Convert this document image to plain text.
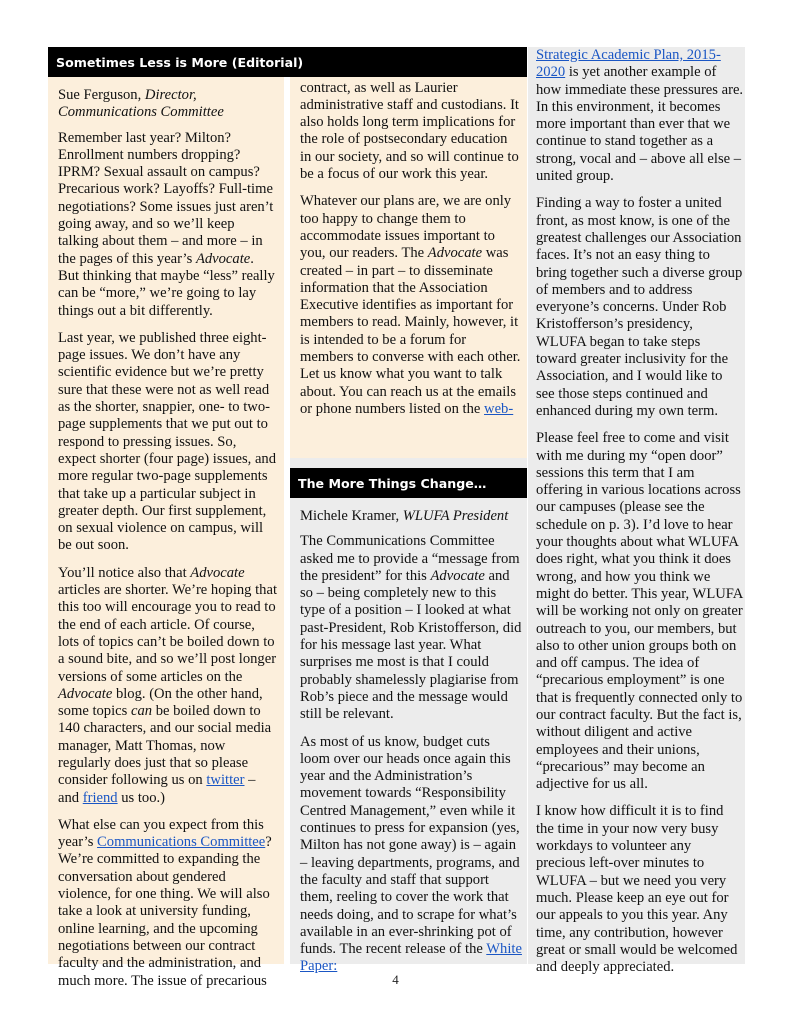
Sue Ferguson, Director,
Communications Committee

Remember last year? Milton? Enrollment numbers dropping? IPRM? Sexual assault on campus? Precarious work? Layoffs? Full-time negotiations? Some issues just aren’t going away, and so we’ll keep talking about them – and more – in the pages of this year’s Advocate. But thinking that maybe “less” really can be “more,” we’re going to lay things out a bit differently.

Last year, we published three eight-page issues. We don’t have any scientific evidence but we’re pretty sure that these were not as well read as the shorter, snappier, one- to two-page supplements that we put out to respond to pressing issues. So, expect shorter (four page) issues, and more regular two-page supplements that take up a particular subject in greater depth. Our first supplement, on sexual violence on campus, will be out soon.

You’ll notice also that Advocate articles are shorter. We’re hoping that this too will encourage you to read to the end of each article. Of course, lots of topics can’t be boiled down to a sound bite, and so we’ll post longer versions of some articles on the Advocate blog. (On the other hand, some topics can be boiled down to 140 characters, and our social media manager, Matt Thomas, now regularly does just that so please consider following us on twitter – and friend us too.)

What else can you expect from this year’s Communications Committee? We’re committed to expanding the conversation about gendered violence, for one thing. We will also take a look at university funding, online learning, and the upcoming negotiations between our contract faculty and the administration, and much more. The issue of precarious

contract, as well as Laurier administrative staff and custodians. It also holds long term implications for the role of postsecondary education in our society, and so will continue to be a focus of our work this year.

Whatever our plans are, we are only too happy to change them to accommodate issues important to you, our readers. The Advocate was created – in part – to disseminate information that the Association Executive identifies as important for members to read. Mainly, however, it is intended to be a forum for members to converse with each other. Let us know what you want to talk about. You can reach us at the emails or phone numbers listed on the web-

The More Things Change…

Michele Kramer, WLUFA President

The Communications Committee asked me to provide a “message from the president” for this Advocate and so – being completely new to this type of a position – I looked at what past-President, Rob Kristofferson, did for his message last year. What surprises me most is that I could probably shamelessly plagiarise from Rob’s piece and the message would still be relevant.

As most of us know, budget cuts loom over our heads once again this year and the Administration’s movement towards “Responsibility Centred Management,” even while it continues to press for expansion (yes, Milton has not gone away) is – again – leaving departments, programs, and the faculty and staff that support them, reeling to cover the work that needs doing, and to scrape for what’s available in an ever-shrinking pot of funds. The recent release of the White Paper:

Strategic Academic Plan, 2015-2020 is yet another example of how immediate these pressures are. In this environment, it becomes more important than ever that we continue to stand together as a strong, vocal and – above all else – united group.

Finding a way to foster a united front, as most know, is one of the greatest challenges our Association faces. It’s not an easy thing to bring together such a diverse group of members and to address everyone’s concerns. Under Rob Kristofferson’s presidency, WLUFA began to take steps toward greater inclusivity for the Association, and I would like to see those steps continued and enhanced during my own term.

Please feel free to come and visit with me during my “open door” sessions this term that I am offering in various locations across our campuses (please see the schedule on p. 3). I’d love to hear your thoughts about what WLUFA does right, what you think it does wrong, and how you think we might do better. This year, WLUFA will be working not only on greater outreach to you, our members, but also to other union groups both on and off campus. The idea of “precarious employment” is one that is frequently connected only to our contract faculty. But the fact is, without diligent and active employees and their unions, “precarious” may become an adjective for us all.

I know how difficult it is to find the time in your now very busy workdays to volunteer any precious left-over minutes to WLUFA – but we need you very much. Please keep an eye out for our appeals to you this year. Any time, any contribution, however great or small would be welcomed and deeply appreciated.

Sometimes Less is More (Editorial)
4
